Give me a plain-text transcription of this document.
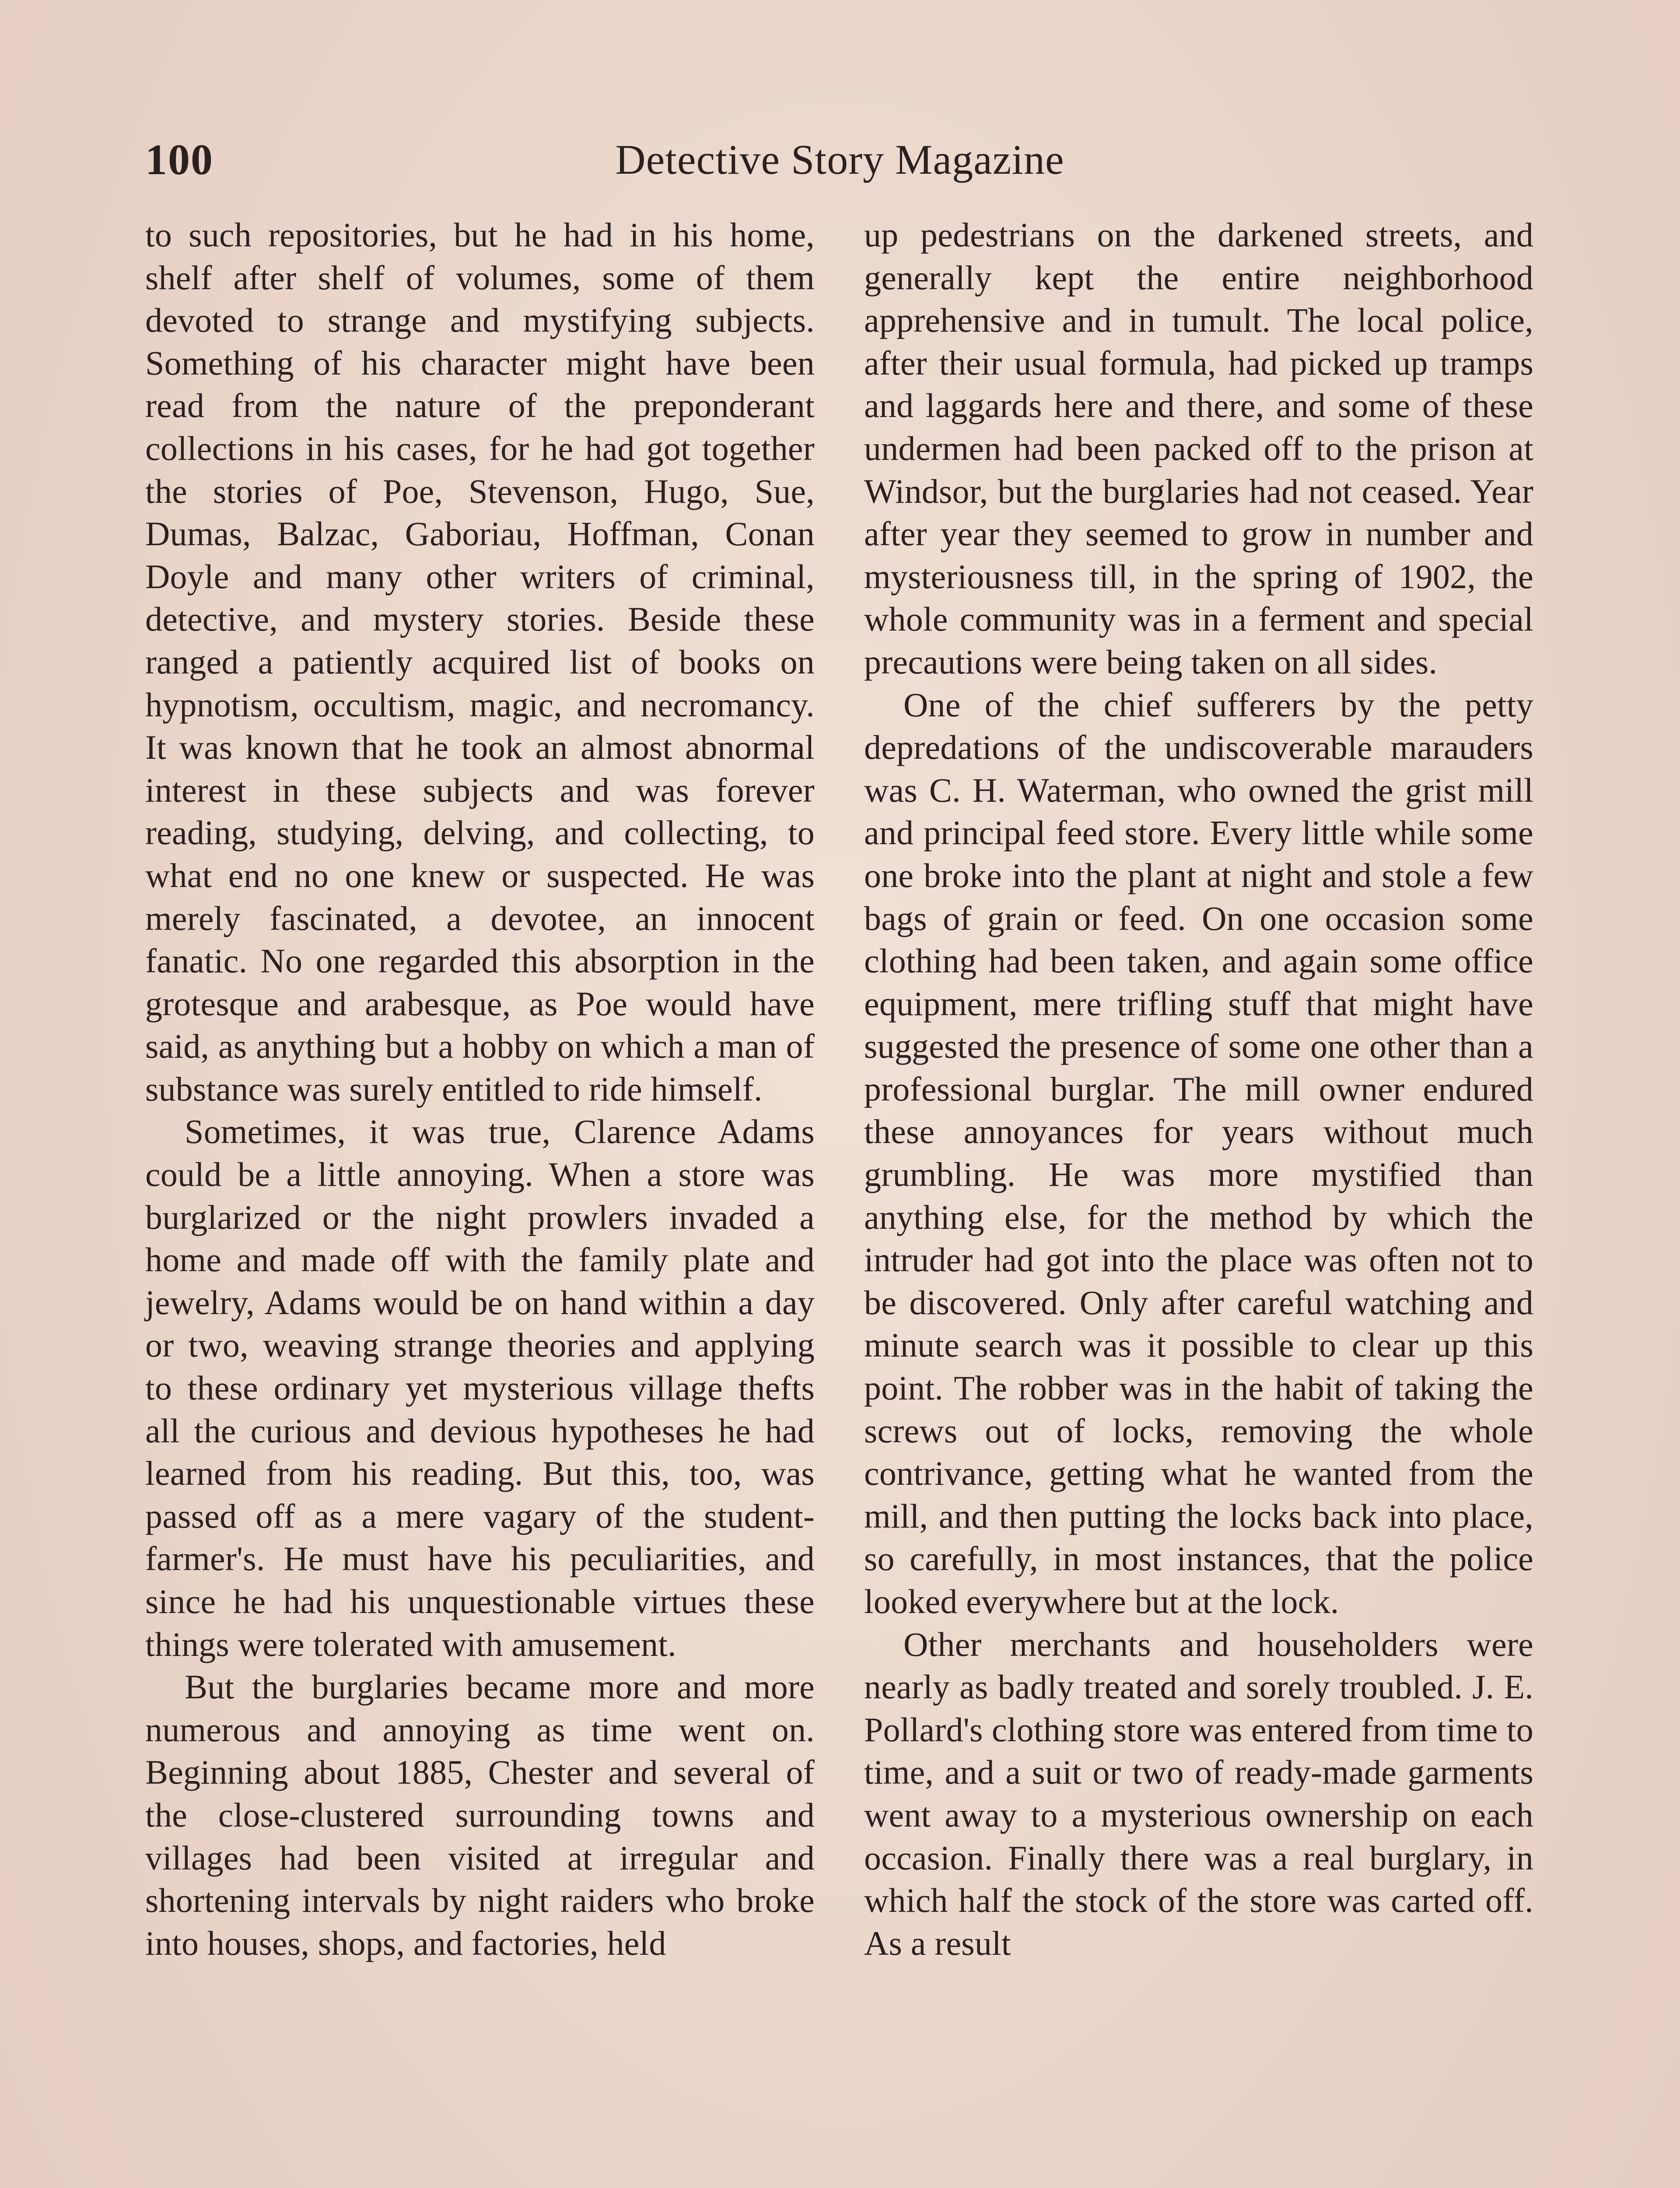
100	Detective Story Magazine

to such repositories, but he had in his home, shelf after shelf of volumes, some of them devoted to strange and mystifying subjects. Something of his character might have been read from the nature of the preponderant collections in his cases, for he had got together the stories of Poe, Stevenson, Hugo, Sue, Dumas, Balzac, Gaboriau, Hoffman, Conan Doyle and many other writers of criminal, detective, and mystery stories. Beside these ranged a patiently acquired list of books on hypnotism, occultism, magic, and necromancy. It was known that he took an almost abnormal interest in these subjects and was forever reading, studying, delving, and collecting, to what end no one knew or suspected. He was merely fascinated, a devotee, an innocent fanatic. No one regarded this absorption in the grotesque and arabesque, as Poe would have said, as anything but a hobby on which a man of substance was surely entitled to ride himself.

Sometimes, it was true, Clarence Adams could be a little annoying. When a store was burglarized or the night prowlers invaded a home and made off with the family plate and jewelry, Adams would be on hand within a day or two, weaving strange theories and applying to these ordinary yet mysterious village thefts all the curious and devious hypotheses he had learned from his reading. But this, too, was passed off as a mere vagary of the student-farmer's. He must have his peculiarities, and since he had his unquestionable virtues these things were tolerated with amusement.

But the burglaries became more and more numerous and annoying as time went on. Beginning about 1885, Chester and several of the close-clustered surrounding towns and villages had been visited at irregular and shortening intervals by night raiders who broke into houses, shops, and factories, held

up pedestrians on the darkened streets, and generally kept the entire neighborhood apprehensive and in tumult. The local police, after their usual formula, had picked up tramps and laggards here and there, and some of these undermen had been packed off to the prison at Windsor, but the burglaries had not ceased. Year after year they seemed to grow in number and mysteriousness till, in the spring of 1902, the whole community was in a ferment and special precautions were being taken on all sides.

One of the chief sufferers by the petty depredations of the undiscoverable marauders was C. H. Waterman, who owned the grist mill and principal feed store. Every little while some one broke into the plant at night and stole a few bags of grain or feed. On one occasion some clothing had been taken, and again some office equipment, mere trifling stuff that might have suggested the presence of some one other than a professional burglar. The mill owner endured these annoyances for years without much grumbling. He was more mystified than anything else, for the method by which the intruder had got into the place was often not to be discovered. Only after careful watching and minute search was it possible to clear up this point. The robber was in the habit of taking the screws out of locks, removing the whole contrivance, getting what he wanted from the mill, and then putting the locks back into place, so carefully, in most instances, that the police looked everywhere but at the lock.

Other merchants and householders were nearly as badly treated and sorely troubled. J. E. Pollard's clothing store was entered from time to time, and a suit or two of ready-made garments went away to a mysterious ownership on each occasion. Finally there was a real burglary, in which half the stock of the store was carted off. As a result
